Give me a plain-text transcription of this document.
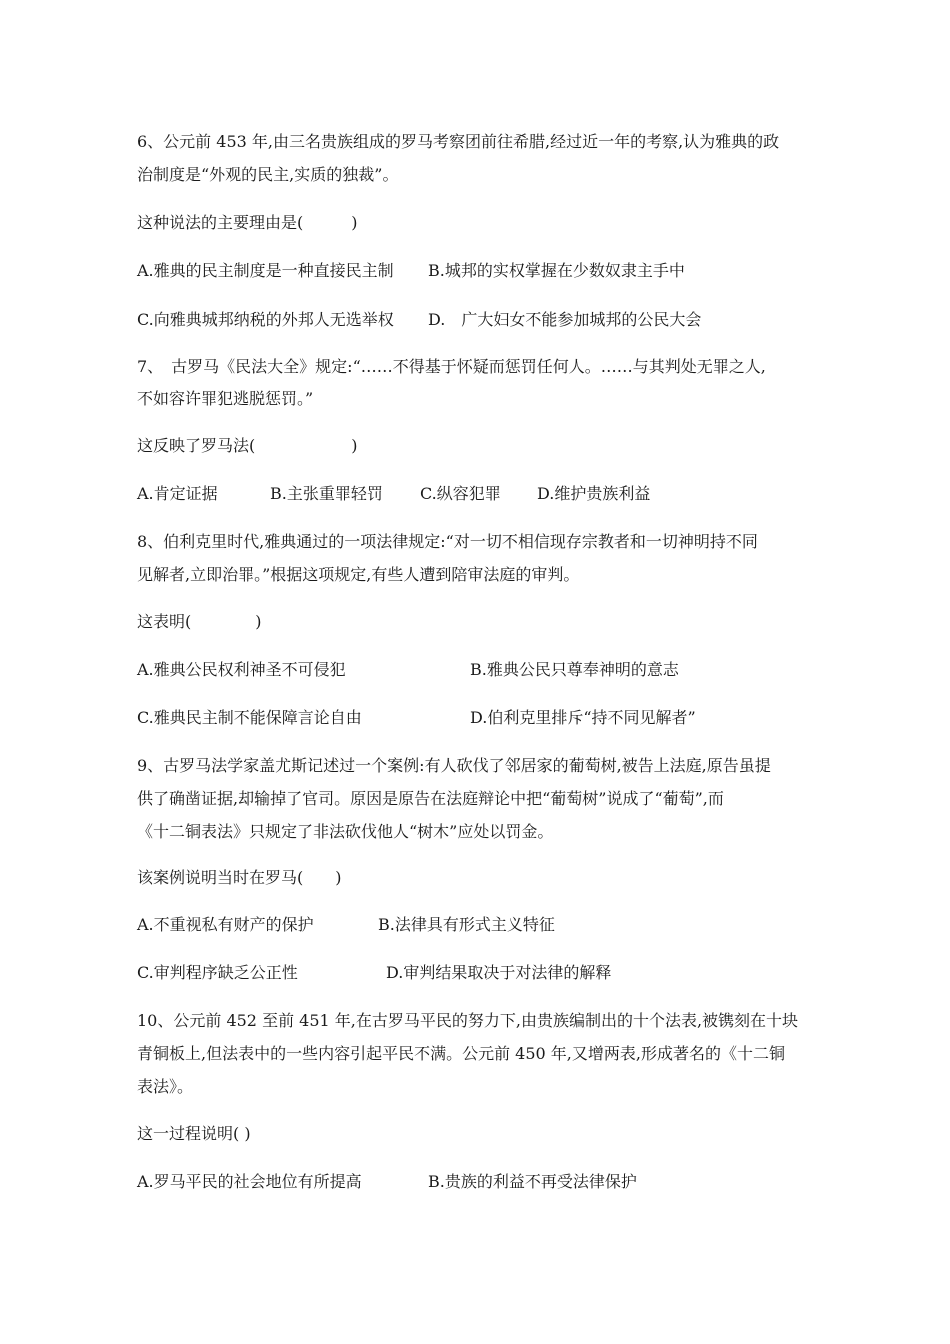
6、公元前 453 年,由三名贵族组成的罗马考察团前往希腊,经过近一年的考察,认为雅典的政
治制度是“外观的民主,实质的独裁”。
这种说法的主要理由是(　　　)
A.雅典的民主制度是一种直接民主制 B.城邦的实权掌握在少数奴隶主手中
C.向雅典城邦纳税的外邦人无选举权 D.　广大妇女不能参加城邦的公民大会
7、　古罗马《民法大全》规定:“……不得基于怀疑而惩罚任何人。……与其判处无罪之人,
不如容许罪犯逃脱惩罚。”
这反映了罗马法(　　　　　　)
A.肯定证据	B.主张重罪轻罚 C.纵容犯罪 D.维护贵族利益
8、伯利克里时代,雅典通过的一项法律规定:“对一切不相信现存宗教者和一切神明持不同
见解者,立即治罪。”根据这项规定,有些人遭到陪审法庭的审判。
这表明(　　　　)
A.雅典公民权利神圣不可侵犯	B.雅典公民只尊奉神明的意志
C.雅典民主制不能保障言论自由	D.伯利克里排斥“持不同见解者”
9、古罗马法学家盖尤斯记述过一个案例:有人砍伐了邻居家的葡萄树,被告上法庭,原告虽提
供了确凿证据,却输掉了官司。原因是原告在法庭辩论中把“葡萄树”说成了“葡萄”,而
《十二铜表法》只规定了非法砍伐他人“树木”应处以罚金。
该案例说明当时在罗马(　　)
A.不重视私有财产的保护	B.法律具有形式主义特征
C.审判程序缺乏公正性	D.审判结果取决于对法律的解释
10、公元前 452 至前 451 年,在古罗马平民的努力下,由贵族编制出的十个法表,被镌刻在十块
青铜板上,但法表中的一些内容引起平民不满。公元前 450 年,又增两表,形成著名的《十二铜
表法》。
这一过程说明( )
A.罗马平民的社会地位有所提高	B.贵族的利益不再受法律保护
